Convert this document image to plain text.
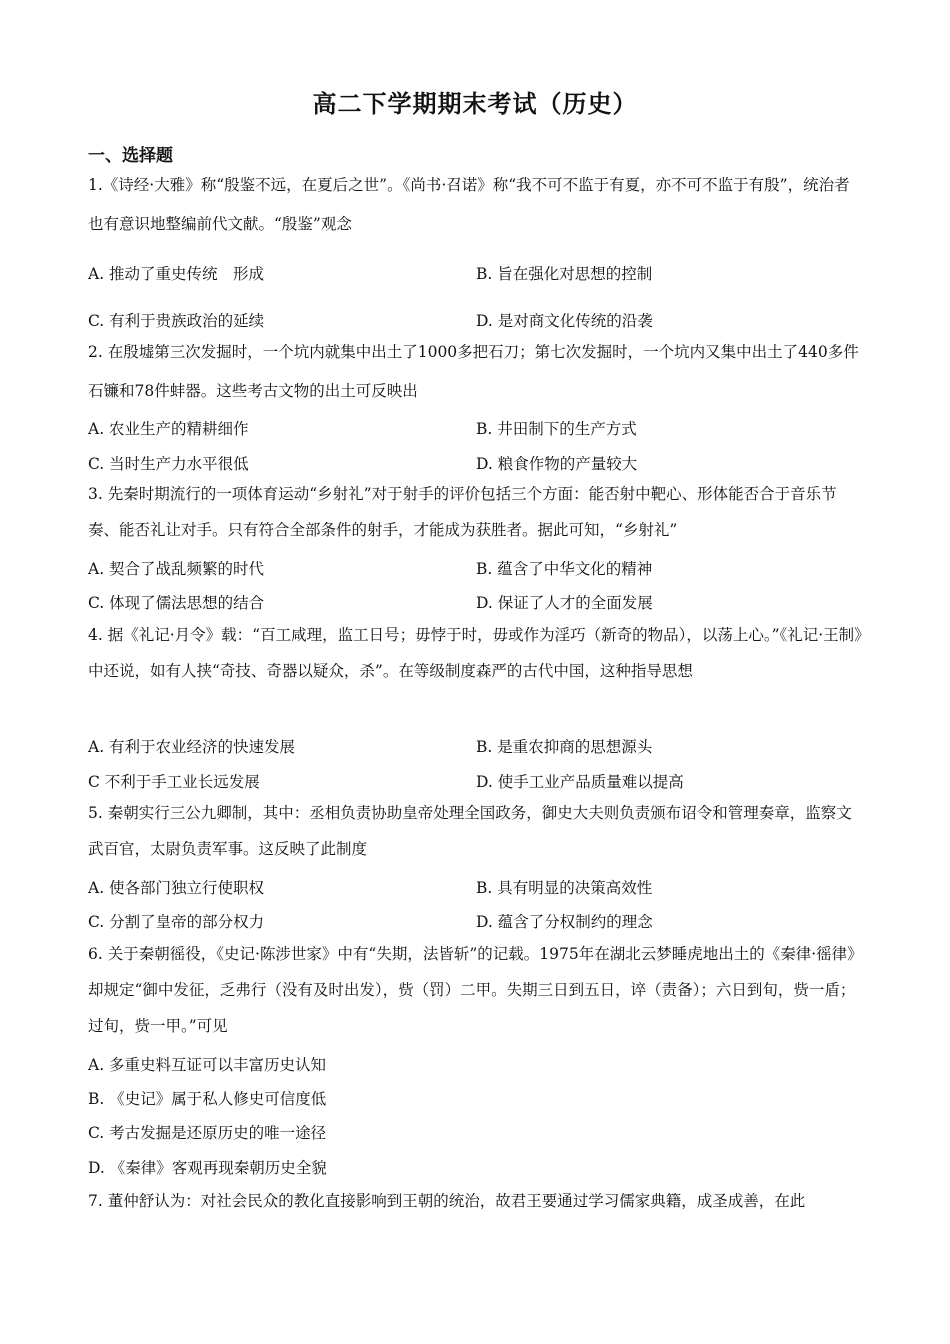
高二下学期期末考试（历史）
一、选择题
1.《诗经·大雅》称“殷鉴不远，在夏后之世”。《尚书·召诺》称“我不可不监于有夏，亦不可不监于有殷”，统治者也有意识地整编前代文献。“殷鉴”观念
A. 推动了重史传统　形成	B. 旨在强化对思想的控制
C. 有利于贵族政治的延续	D. 是对商文化传统的沿袭
2. 在殷墟第三次发掘时，一个坑内就集中出土了1000多把石刀；第七次发掘时，一个坑内又集中出土了440多件石镰和78件蚌器。这些考古文物的出土可反映出
A. 农业生产的精耕细作	B. 井田制下的生产方式
C. 当时生产力水平很低	D. 粮食作物的产量较大
3. 先秦时期流行的一项体育运动“乡射礼”对于射手的评价包括三个方面：能否射中靶心、形体能否合于音乐节奏、能否礼让对手。只有符合全部条件的射手，才能成为获胜者。据此可知，“乡射礼”
A. 契合了战乱频繁的时代	B. 蕴含了中华文化的精神
C. 体现了儒法思想的结合	D. 保证了人才的全面发展
4. 据《礼记·月令》载：“百工咸理，监工日号；毋悖于时，毋或作为淫巧（新奇的物品），以荡上心。”《礼记·王制》中还说，如有人挟“奇技、奇器以疑众，杀”。在等级制度森严的古代中国，这种指导思想
A. 有利于农业经济的快速发展	B. 是重农抑商的思想源头
C 不利于手工业长远发展	D. 使手工业产品质量难以提高
5. 秦朝实行三公九卿制，其中：丞相负责协助皇帝处理全国政务，御史大夫则负责颁布诏令和管理奏章，监察文武百官，太尉负责军事。这反映了此制度
A. 使各部门独立行使职权	B. 具有明显的决策高效性
C. 分割了皇帝的部分权力	D. 蕴含了分权制约的理念
6. 关于秦朝徭役，《史记·陈涉世家》中有“失期，法皆斩”的记载。1975年在湖北云梦睡虎地出土的《秦律·徭律》却规定“御中发征，乏弗行（没有及时出发），赀（罚）二甲。失期三日到五日，谇（责备）；六日到旬，赀一盾；过旬，赀一甲。”可见
A. 多重史料互证可以丰富历史认知
B. 《史记》属于私人修史可信度低
C. 考古发掘是还原历史的唯一途径
D. 《秦律》客观再现秦朝历史全貌
7. 董仲舒认为：对社会民众的教化直接影响到王朝的统治，故君王要通过学习儒家典籍，成圣成善，在此
